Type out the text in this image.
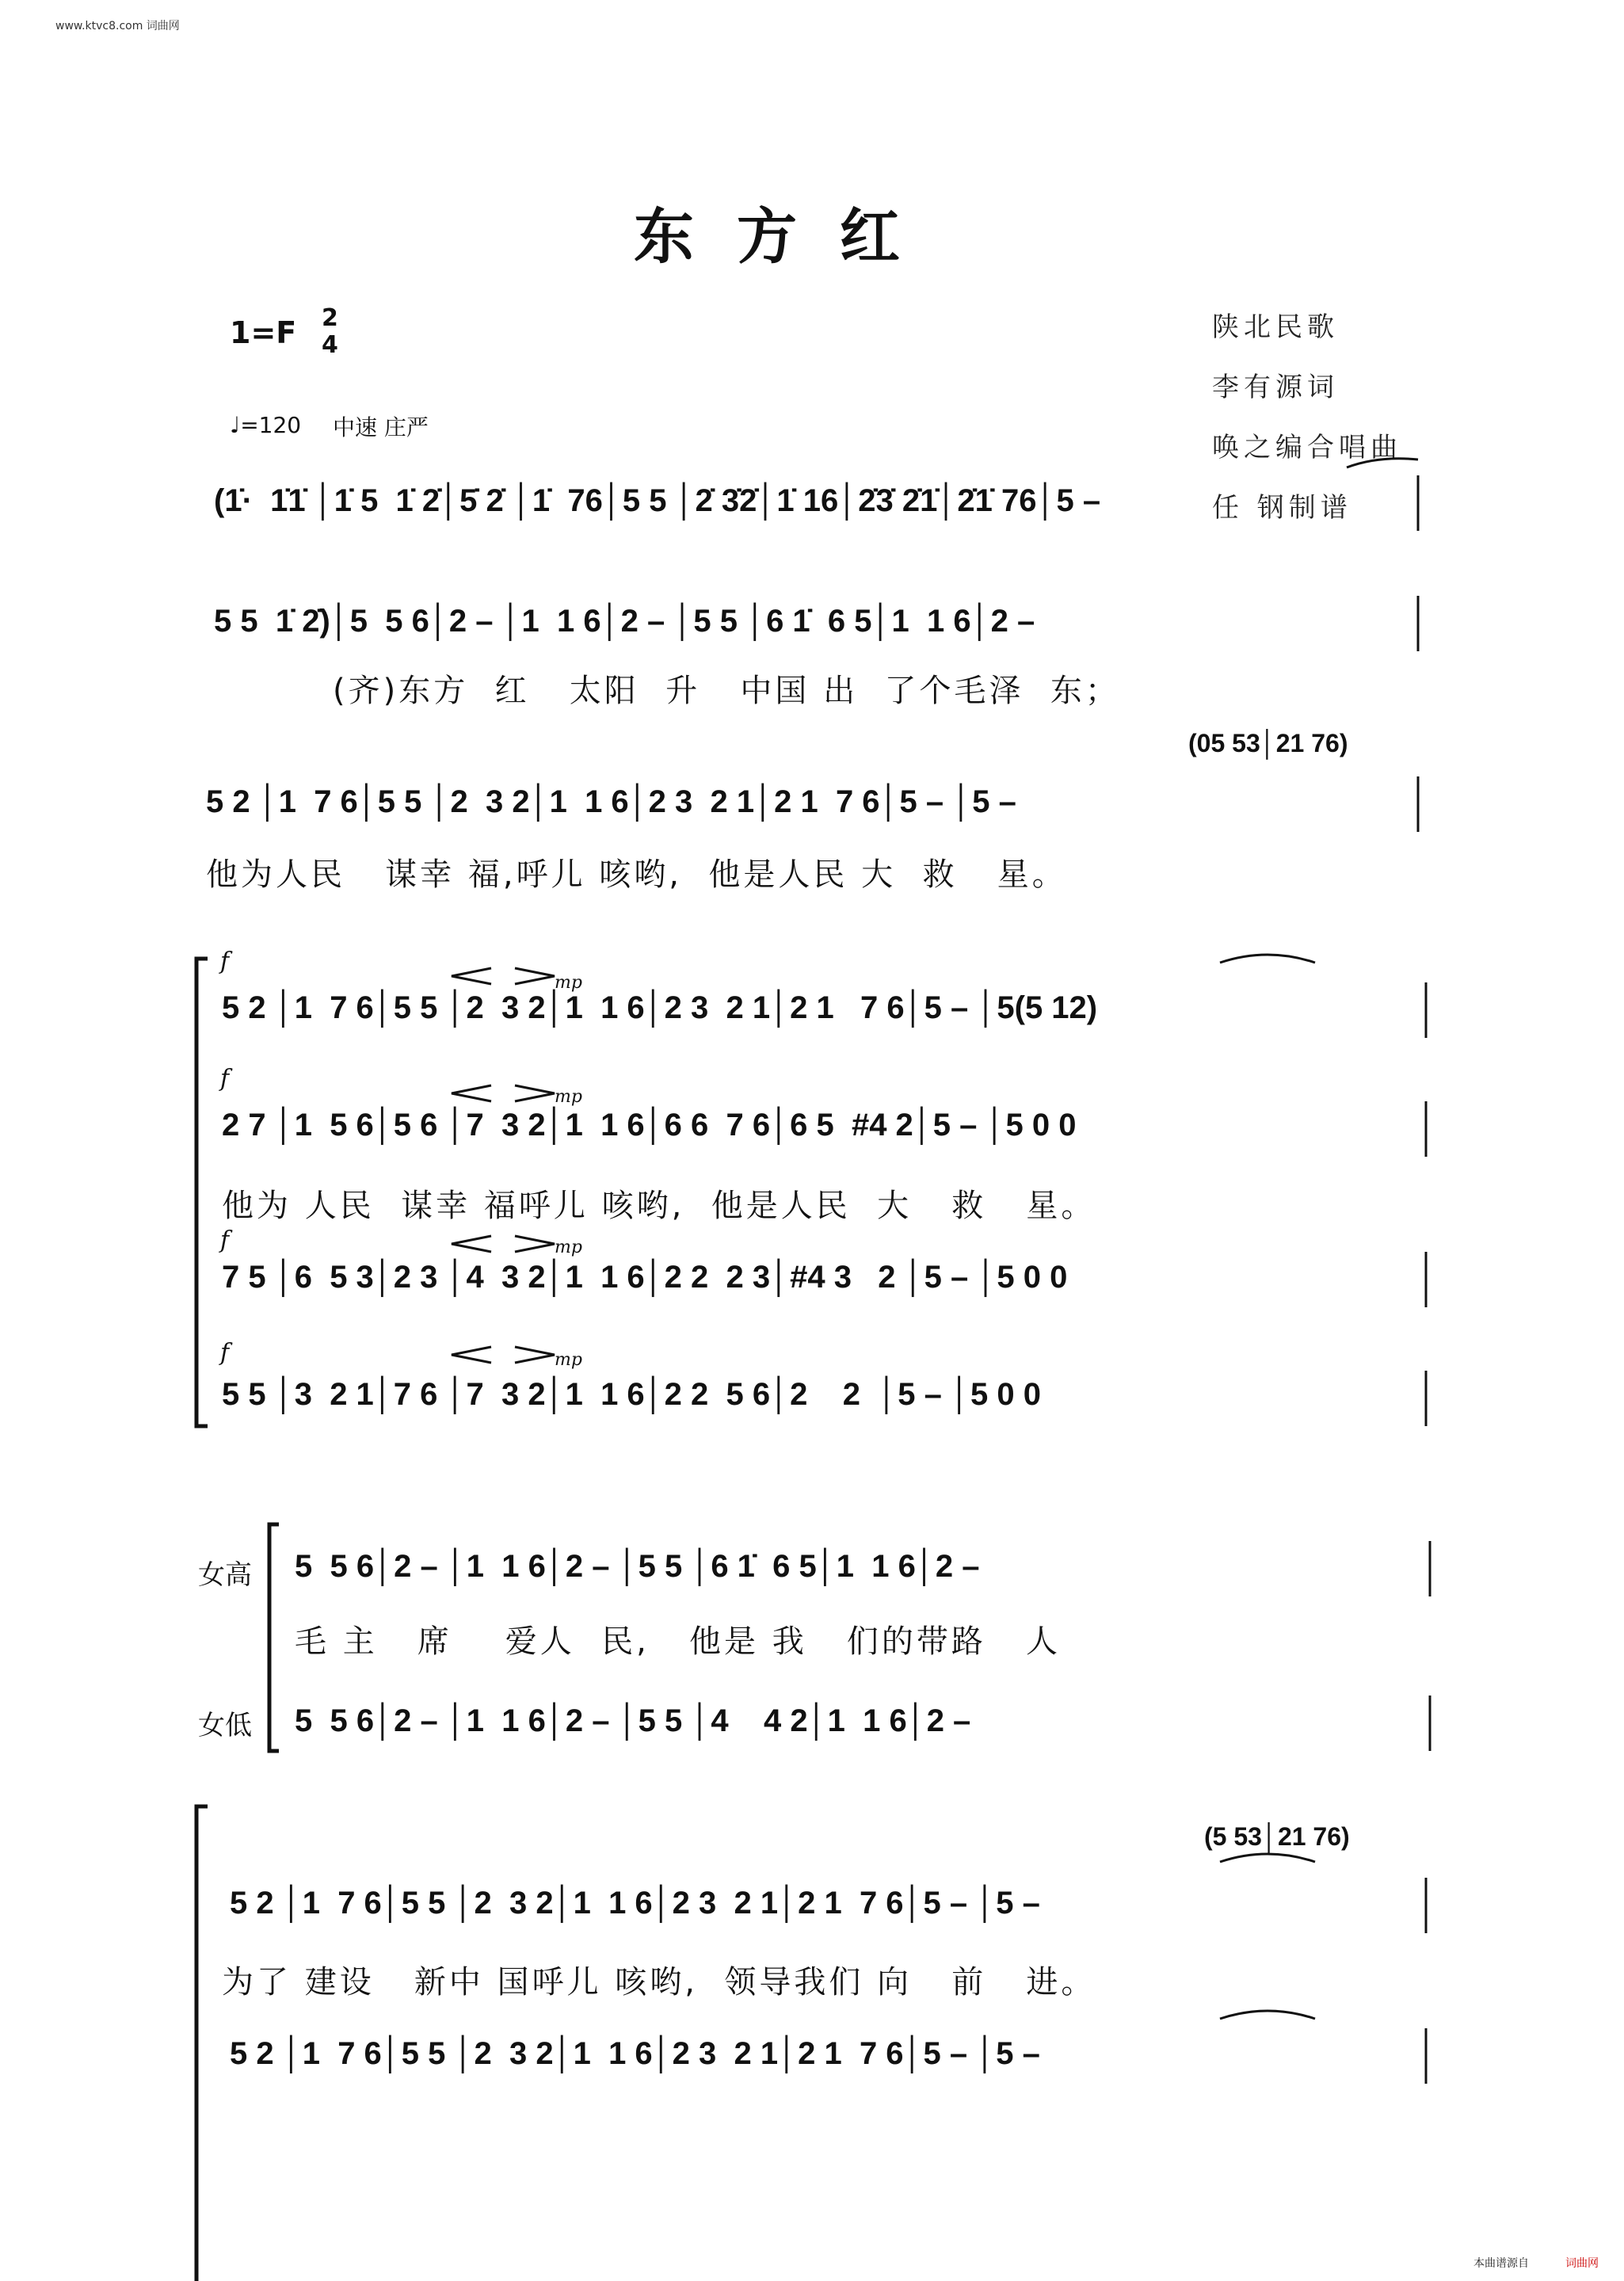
www.ktvc8.com 词曲网
东方红
1=F 2
4

陕北民歌

李有源词

唤之编合唱曲

任 钢制谱

♩=120 中速 庄严
(1̇·  1̇1̇ │1̇ 5  1̇ 2̇│5̇ 2̇ │1̇  76│5 5 │2̇ 3̇2̇│1̇ 16│2̇3̇ 2̇1̇│2̇1̇ 76│5 –
5 5  1̇ 2̇)│5  5 6│2 – │1  1 6│2 – │5 5 │6 1̇  6 5│1  1 6│2 –
(齐)东方  红   太阳  升   中国 出  了个毛泽  东；
(05 53│21 76)
5 2 │1  7 6│5 5 │2  3 2│1  1 6│2 3  2 1│2 1  7 6│5 – │5 –
他为人民   谋幸 福,呼儿 咳哟,  他是人民 大  救   星。
f
mp
5 2 │1  7 6│5 5 │2  3 2│1  1 6│2 3  2 1│2 1   7 6│5 – │5(5 12)
f
mp
2 7 │1  5 6│5 6 │7  3 2│1  1 6│6 6  7 6│6 5  #4 2│5 – │5 0 0
他为 人民  谋幸 福呼儿 咳哟,  他是人民  大   救   星。
f	mp
7 5 │6  5 3│2 3 │4  3 2│1  1 6│2 2  2 3│#4 3   2 │5 – │5 0 0
f	mp
5 5 │3  2 1│7 6 │7  3 2│1  1 6│2 2  5 6│2    2  │5 – │5 0 0
女高 5  5 6│2 – │1  1 6│2 – │5 5 │6 1̇  6 5│1  1 6│2 –
毛 主   席    爱人  民,   他是 我   们的带路   人
女低 5  5 6│2 – │1  1 6│2 – │5 5 │4    4 2│1  1 6│2 –
(5 53│21 76)
5 2 │1  7 6│5 5 │2  3 2│1  1 6│2 3  2 1│2 1  7 6│5 – │5 –
为了 建设   新中 国呼儿 咳哟,  领导我们 向   前   进。
5 2 │1  7 6│5 5 │2  3 2│1  1 6│2 3  2 1│2 1  7 6│5 – │5 –
本曲谱源自	词曲网
